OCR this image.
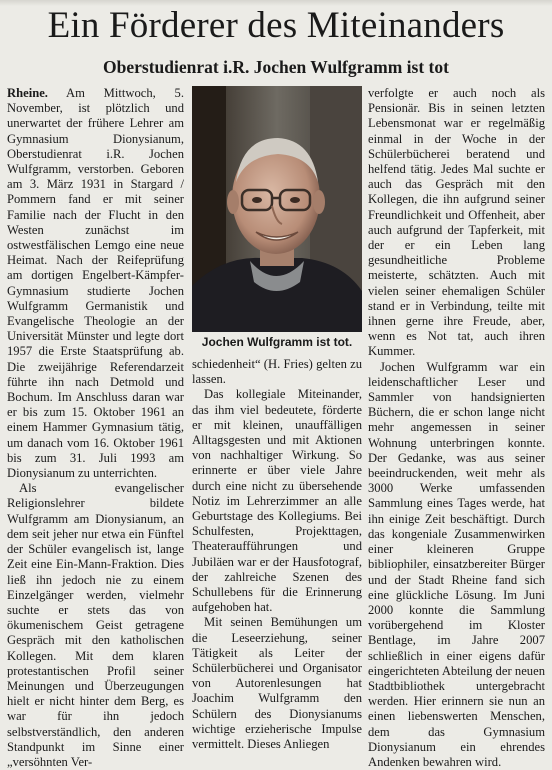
Ein Förderer des Miteinanders
Oberstudienrat i.R. Jochen Wulfgramm ist tot

Rheine. Am Mittwoch, 5. November, ist plötzlich und unerwartet der frühere Lehrer am Gymnasium Dionysianum, Oberstudienrat i.R. Jochen Wulfgramm, verstorben. Geboren am 3. März 1931 in Stargard / Pommern fand er mit seiner Familie nach der Flucht in den Westen zunächst im ostwestfälischen Lemgo eine neue Heimat. Nach der Reifeprüfung am dortigen Engelbert-Kämpfer-Gymnasium studierte Jochen Wulfgramm Germanistik und Evangelische Theologie an der Universität Münster und legte dort 1957 die Erste Staatsprüfung ab. Die zweijährige Referendarzeit führte ihn nach Detmold und Bochum. Im Anschluss daran war er bis zum 15. Oktober 1961 an einem Hammer Gymnasium tätig, um danach vom 16. Oktober 1961 bis zum 31. Juli 1993 am Dionysianum zu unterrichten.

Als evangelischer Religionslehrer bildete Wulfgramm am Dionysianum, an dem seit jeher nur etwa ein Fünftel der Schüler evangelisch ist, lange Zeit eine Ein-Mann-Fraktion. Dies ließ ihn jedoch nie zu einem Einzelgänger werden, vielmehr suchte er stets das von ökumenischem Geist getragene Gespräch mit den katholischen Kollegen. Mit dem klaren protestantischen Profil seiner Meinungen und Überzeugungen hielt er nicht hinter dem Berg, es war für ihn jedoch selbstverständlich, den anderen Standpunkt im Sinne einer „versöhnten Ver-

Jochen Wulfgramm ist tot.

schiedenheit“ (H. Fries) gelten zu lassen.

Das kollegiale Miteinander, das ihm viel bedeutete, förderte er mit kleinen, unauffälligen Alltagsgesten und mit Aktionen von nachhaltiger Wirkung. So erinnerte er über viele Jahre durch eine nicht zu übersehende Notiz im Lehrerzimmer an alle Geburtstage des Kollegiums. Bei Schulfesten, Projekttagen, Theateraufführungen und Jubiläen war er der Hausfotograf, der zahlreiche Szenen des Schullebens für die Erinnerung aufgehoben hat.

Mit seinen Bemühungen um die Leseerziehung, seiner Tätigkeit als Leiter der Schülerbücherei und Organisator von Autorenlesungen hat Joachim Wulfgramm den Schülern des Dionysianums wichtige erzieherische Impulse vermittelt. Dieses Anliegen

verfolgte er auch noch als Pensionär. Bis in seinen letzten Lebensmonat war er regelmäßig einmal in der Woche in der Schülerbücherei beratend und helfend tätig. Jedes Mal suchte er auch das Gespräch mit den Kollegen, die ihn aufgrund seiner Freundlichkeit und Offenheit, aber auch aufgrund der Tapferkeit, mit der er ein Leben lang gesundheitliche Probleme meisterte, schätzten. Auch mit vielen seiner ehemaligen Schüler stand er in Verbindung, teilte mit ihnen gerne ihre Freude, aber, wenn es Not tat, auch ihren Kummer.

Jochen Wulfgramm war ein leidenschaftlicher Leser und Sammler von handsignierten Büchern, die er schon lange nicht mehr angemessen in seiner Wohnung unterbringen konnte. Der Gedanke, was aus seiner beeindruckenden, weit mehr als 3000 Werke umfassenden Sammlung eines Tages werde, hat ihn einige Zeit beschäftigt. Durch das kongeniale Zusammenwirken einer kleineren Gruppe bibliophiler, einsatzbereiter Bürger und der Stadt Rheine fand sich eine glückliche Lösung. Im Juni 2000 konnte die Sammlung vorübergehend im Kloster Bentlage, im Jahre 2007 schließlich in einer eigens dafür eingerichteten Abteilung der neuen Stadtbibliothek untergebracht werden. Hier erinnern sie nun an einen liebenswerten Menschen, dem das Gymnasium Dionysianum ein ehrendes Andenken bewahren wird.
